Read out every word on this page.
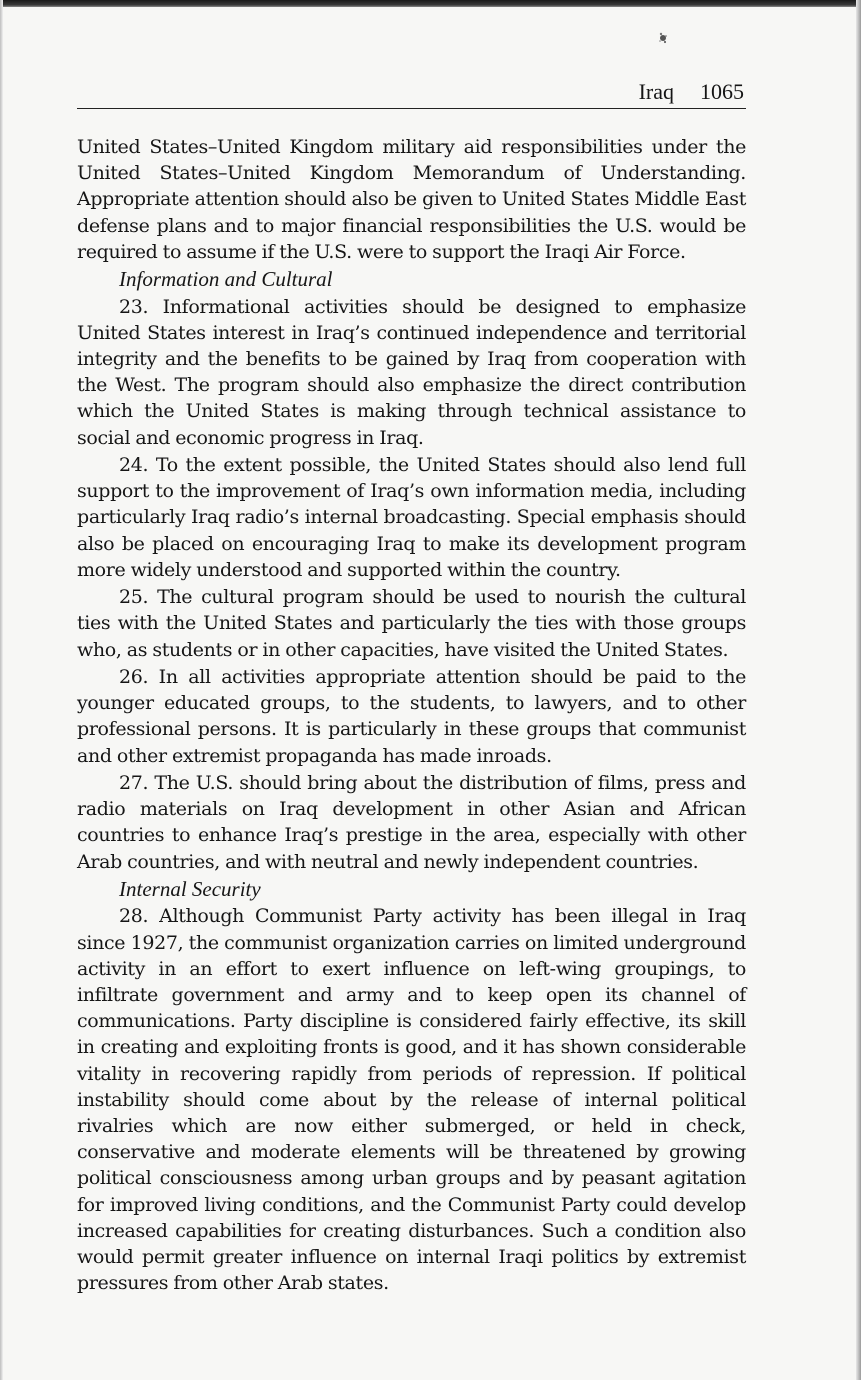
Iraq 1065

United States–United Kingdom military aid responsibilities under the United States–United Kingdom Memorandum of Understanding. Appropriate attention should also be given to United States Middle East defense plans and to major financial responsibilities the U.S. would be required to assume if the U.S. were to support the Iraqi Air Force.

Information and Cultural

23. Informational activities should be designed to emphasize United States interest in Iraq’s continued independence and territorial integrity and the benefits to be gained by Iraq from cooperation with the West. The program should also emphasize the direct contribution which the United States is making through technical assistance to social and economic progress in Iraq.

24. To the extent possible, the United States should also lend full support to the improvement of Iraq’s own information media, including particularly Iraq radio’s internal broadcasting. Special emphasis should also be placed on encouraging Iraq to make its development program more widely understood and supported within the country.

25. The cultural program should be used to nourish the cultural ties with the United States and particularly the ties with those groups who, as students or in other capacities, have visited the United States.

26. In all activities appropriate attention should be paid to the younger educated groups, to the students, to lawyers, and to other professional persons. It is particularly in these groups that communist and other extremist propaganda has made inroads.

27. The U.S. should bring about the distribution of films, press and radio materials on Iraq development in other Asian and African countries to enhance Iraq’s prestige in the area, especially with other Arab countries, and with neutral and newly independent countries.

Internal Security

28. Although Communist Party activity has been illegal in Iraq since 1927, the communist organization carries on limited underground activity in an effort to exert influence on left-wing groupings, to infiltrate government and army and to keep open its channel of communications. Party discipline is considered fairly effective, its skill in creating and exploiting fronts is good, and it has shown considerable vitality in recovering rapidly from periods of repression. If political instability should come about by the release of internal political rivalries which are now either submerged, or held in check, conservative and moderate elements will be threatened by growing political consciousness among urban groups and by peasant agitation for improved living conditions, and the Communist Party could develop increased capabilities for creating disturbances. Such a condition also would permit greater influence on internal Iraqi politics by extremist pressures from other Arab states.
